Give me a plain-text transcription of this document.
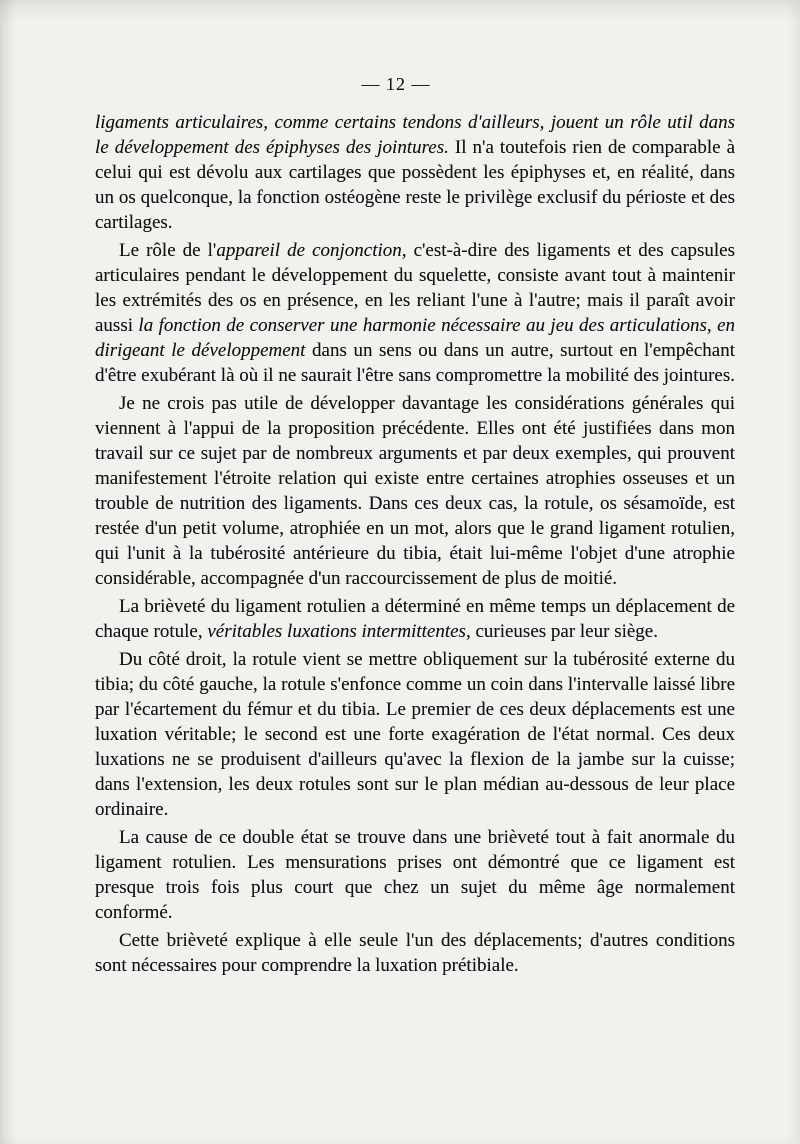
— 12 —

ligaments articulaires, comme certains tendons d'ailleurs, jouent un rôle util dans le développement des épiphyses des jointures. Il n'a toutefois rien de comparable à celui qui est dévolu aux cartilages que possèdent les épiphyses et, en réalité, dans un os quelconque, la fonction ostéogène reste le privilège exclusif du périoste et des cartilages.

Le rôle de l'appareil de conjonction, c'est-à-dire des ligaments et des capsules articulaires pendant le développement du squelette, consiste avant tout à maintenir les extrémités des os en présence, en les reliant l'une à l'autre; mais il paraît avoir aussi la fonction de conserver une harmonie nécessaire au jeu des articulations, en dirigeant le développement dans un sens ou dans un autre, surtout en l'empêchant d'être exubérant là où il ne saurait l'être sans compromettre la mobilité des jointures.

Je ne crois pas utile de développer davantage les considérations générales qui viennent à l'appui de la proposition précédente. Elles ont été justifiées dans mon travail sur ce sujet par de nombreux arguments et par deux exemples, qui prouvent manifestement l'étroite relation qui existe entre certaines atrophies osseuses et un trouble de nutrition des ligaments. Dans ces deux cas, la rotule, os sésamoïde, est restée d'un petit volume, atrophiée en un mot, alors que le grand ligament rotulien, qui l'unit à la tubérosité antérieure du tibia, était lui-même l'objet d'une atrophie considérable, accompagnée d'un raccourcissement de plus de moitié.

La brièveté du ligament rotulien a déterminé en même temps un déplacement de chaque rotule, véritables luxations intermittentes, curieuses par leur siège.

Du côté droit, la rotule vient se mettre obliquement sur la tubérosité externe du tibia; du côté gauche, la rotule s'enfonce comme un coin dans l'intervalle laissé libre par l'écartement du fémur et du tibia. Le premier de ces deux déplacements est une luxation véritable; le second est une forte exagération de l'état normal. Ces deux luxations ne se produisent d'ailleurs qu'avec la flexion de la jambe sur la cuisse; dans l'extension, les deux rotules sont sur le plan médian au-dessous de leur place ordinaire.

La cause de ce double état se trouve dans une brièveté tout à fait anormale du ligament rotulien. Les mensurations prises ont démontré que ce ligament est presque trois fois plus court que chez un sujet du même âge normalement conformé.

Cette brièveté explique à elle seule l'un des déplacements; d'autres conditions sont nécessaires pour comprendre la luxation prétibiale.
